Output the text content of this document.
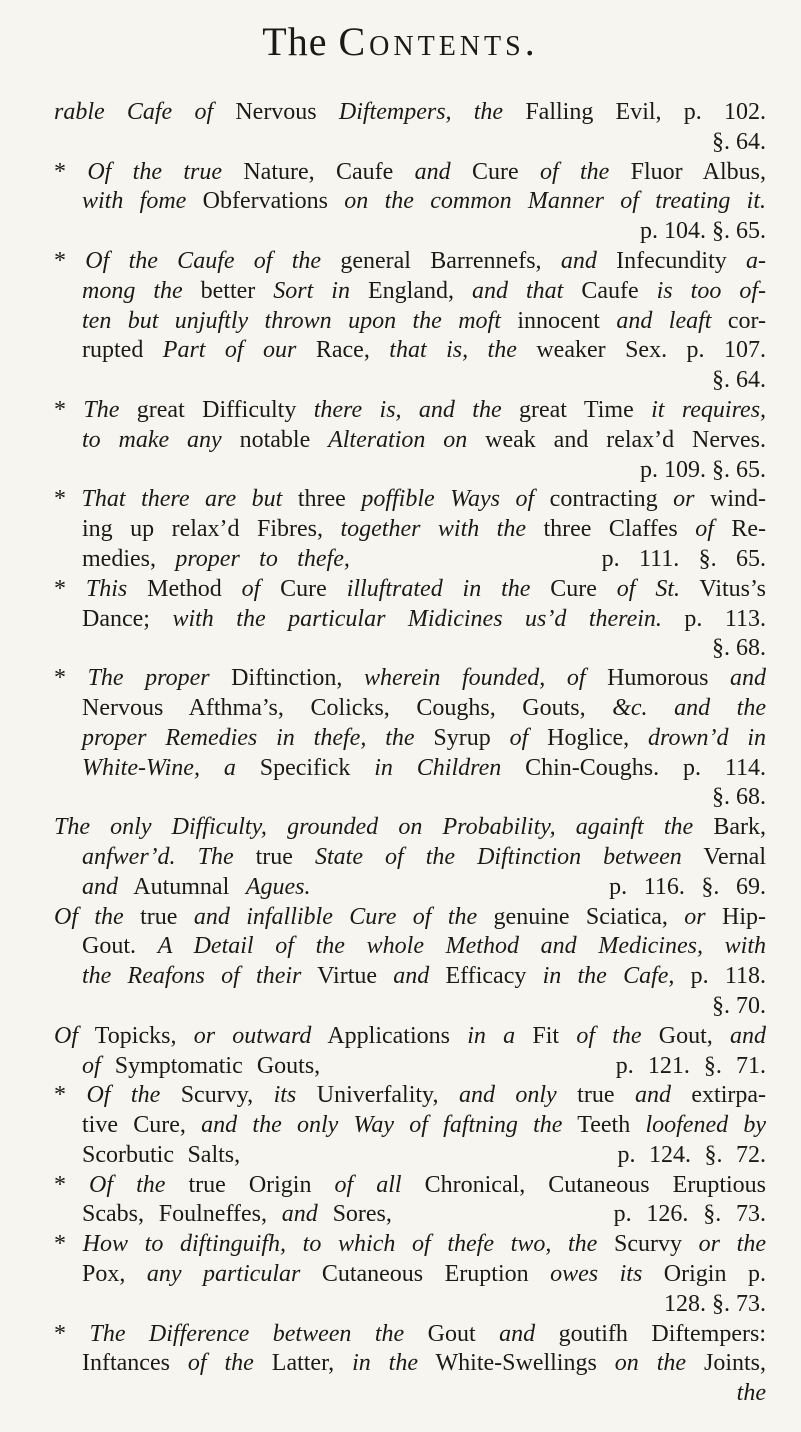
The Contents.
rable Cafe of Nervous Diftempers, the Falling Evil, p. 102.
§. 64.
* Of the true Nature, Caufe and Cure of the Fluor Albus,
with fome Obfervations on the common Manner of treating it.
p. 104. §. 65.
* Of the Caufe of the general Barrennefs, and Infecundity a-
mong the better Sort in England, and that Caufe is too of-
ten but unjuftly thrown upon the moft innocent and leaft cor-
rupted Part of our Race, that is, the weaker Sex. p. 107.
§. 64.
* The great Difficulty there is, and the great Time it requires,
to make any notable Alteration on weak and relax’d Nerves.
p. 109. §. 65.
* That there are but three poffible Ways of contracting or wind-
ing up relax’d Fibres, together with the three Claffes of Re-
medies, proper to thefe,             p. 111. §. 65.
* This Method of Cure illuftrated in the Cure of St. Vitus’s
Dance; with the particular Midicines us’d therein. p. 113.
§. 68.
* The proper Diftinction, wherein founded, of Humorous and
Nervous Afthma’s, Colicks, Coughs, Gouts, &c. and the
proper Remedies in thefe, the Syrup of Hoglice, drown’d in
White-Wine, a Specifick in Children Chin-Coughs. p. 114.
§. 68.
The only Difficulty, grounded on Probability, againft the Bark,
anfwer’d. The true State of the Diftinction between Vernal
and Autumnal Agues.                  p. 116. §. 69.
Of the true and infallible Cure of the genuine Sciatica, or Hip-
Gout. A Detail of the whole Method and Medicines, with
the Reafons of their Virtue and Efficacy in the Cafe, p. 118.
§. 70.
Of Topicks, or outward Applications in a Fit of the Gout, and
of Symptomatic Gouts,                     p. 121. §. 71.
* Of the Scurvy, its Univerfality, and only true and extirpa-
tive Cure, and the only Way of faftning the Teeth loofened by
Scorbutic Salts,                            p. 124. §. 72.
* Of the true Origin of all Chronical, Cutaneous Eruptious
Scabs, Foulneffes, and Sores,               p. 126. §. 73.
* How to diftinguifh, to which of thefe two, the Scurvy or the
Pox, any particular Cutaneous Eruption owes its Origin p.
128. §. 73.
* The Difference between the Gout and goutifh Diftempers:
Inftances of the Latter, in the White-Swellings on the Joints,
the
